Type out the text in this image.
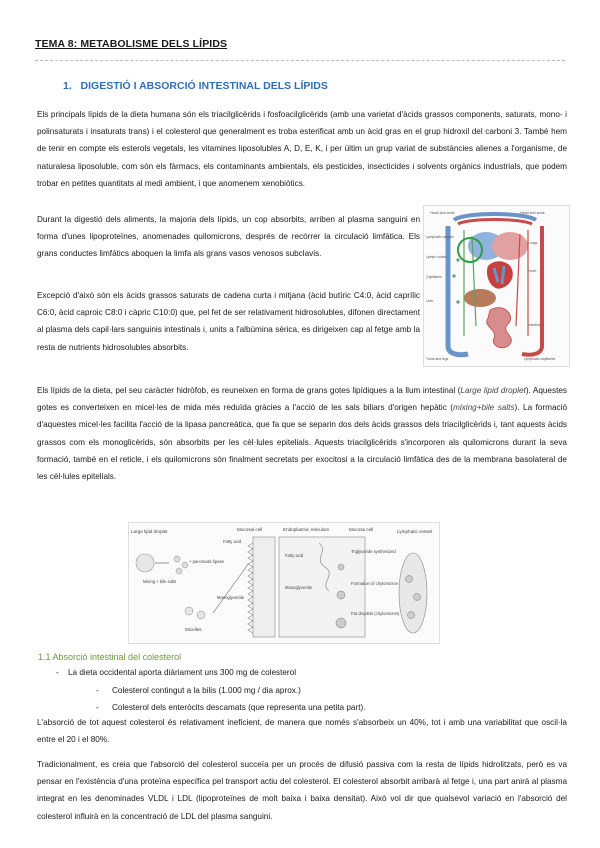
TEMA 8: METABOLISME DELS LÍPIDS
1. DIGESTIÓ I ABSORCIÓ INTESTINAL DELS LÍPIDS
Els principals lípids de la dieta humana són els triacilglicèrids i fosfoacilglicèrids (amb una varietat d'àcids grassos components, saturats, mono- i polinsaturats i insaturats trans) i el colesterol que generalment es troba esterificat amb un àcid gras en el grup hidroxil del carboni 3. També hem de tenir en compte els esterols vegetals, les vitamines liposolubles A, D, E, K, i per últim un grup variat de substàncies alienes a l'organisme, de naturalesa liposoluble, com són els fàrmacs, els contaminants ambientals, els pesticides, insecticides i solvents orgànics industrials, que podem trobar en petites quantitats al medi ambient, i que anomenem xenobiòtics.
Durant la digestió dels aliments, la majoria dels lípids, un cop absorbits, arriben al plasma sanguini en forma d'unes lipoproteïnes, anomenades quilomicrons, després de recórrer la circulació limfàtica. Els grans conductes limfàtics aboquen la limfa als grans vasos venosos subclavis.
Excepció d'això són els àcids grassos saturats de cadena curta i mitjana (àcid butíric C4:0, àcid caprílic C6:0, àcid caproic C8:0 i càpric C10:0) que, pel fet de ser relativament hidrosolubles, difonen directament al plasma dels capil·lars sanguinis intestinals i, units a l'albúmina sèrica, es dirigeixen cap al fetge amb la resta de nutrients hidrosolubles absorbits.
Head and arms	Head and arms
Lymphatic vessels
Lymph nodes
Capillaries
Lungs
Heart
Liver
Intestine
Trunk and legs	Lymphatic capillaries
Els lípids de la dieta, pel seu caràcter hidròfob, es reuneixen en forma de grans gotes lipídiques a la llum intestinal (Large lipid droplet). Aquestes gotes es converteixen en micel·les de mida més reduïda gràcies a l'acció de les sals biliars d'origen hepàtic (mixing+bile salts). La formació d'aquestes micel·les facilita l'acció de la lipasa pancreàtica, que fa que se separin dos dels àcids grassos dels triacilglicèrids i, tant aquests àcids grassos com els monoglicèrids, són absorbits per les cèl·lules epitelials. Aquests triacilglicèrids s'incorporen als quilomicrons durant la seva formació, també en el reticle, i els quilomicrons són finalment secretats per exocitosi a la circulació limfàtica des de la membrana basolateral de les cèl·lules epitelials.
Large lipid droplet
Mixing + bile salts
+ pancreatic lipase
Fatty acid
Monoglyceride
Micelles
Mucosal cell	Endoplasmic reticulum
Fatty acid
Monoglyceride
Mucosa cell
Triglyceride synthesized
Formation of chylomicron
Fat droplets (chylomicron)
Lymphatic vessel
1.1 Absorció intestinal del colesterol
- La dieta occidental aporta diàriament uns 300 mg de colesterol
- Colesterol contingut a la bilis (1.000 mg / dia aprox.)
- Colesterol dels enteròcits descamats (que representa una petita part).
L'absorció de tot aquest colesterol és relativament ineficient, de manera que només s'absorbeix un 40%, tot i amb una variabilitat que oscil·la entre el 20 i el 80%.
Tradicionalment, es creia que l'absorció del colesterol succeïa per un procés de difusió passiva com la resta de lípids hidrolitzats, però es va pensar en l'existència d'una proteïna específica pel transport actiu del colesterol. El colesterol absorbit arribarà al fetge i, una part anirà al plasma integrat en les denominades VLDL i LDL (lipoproteïnes de molt baixa i baixa densitat). Això vol dir que qualsevol variació en l'absorció del colesterol influirà en la concentració de LDL del plasma sanguini.
